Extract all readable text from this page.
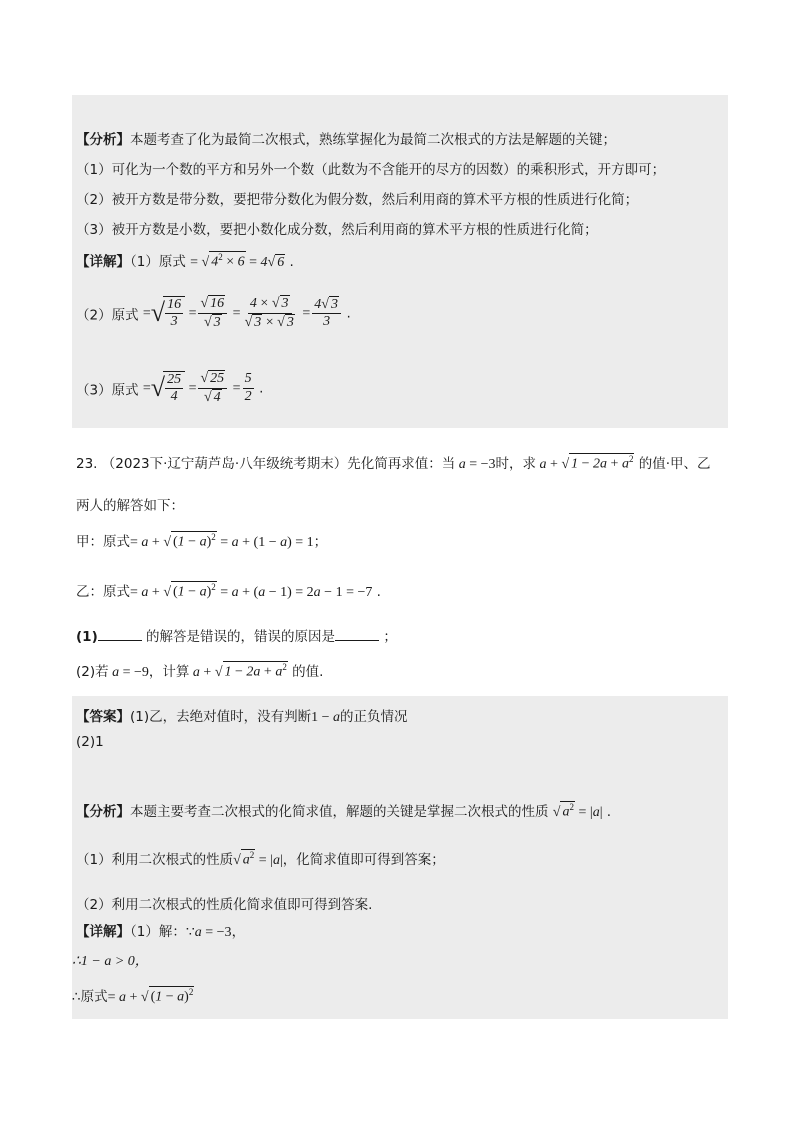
【分析】本题考查了化为最简二次根式，熟练掌握化为最简二次根式的方法是解题的关键；
（1）可化为一个数的平方和另外一个数（此数为不含能开的尽方的因数）的乘积形式，开方即可；
（2）被开方数是带分数，要把带分数化为假分数，然后利用商的算术平方根的性质进行化简；
（3）被开方数是小数，要把小数化成分数，然后利用商的算术平方根的性质进行化简；
【详解】（1）原式 = √ $4^2 \times 6 = 4√$ 6 .
（2）原式 =√ $\frac{16}{3} = \frac{√ 16}{√ 3} = \frac{4 \times √ 3}{√ 3 \times √ 3} = \frac{4√ 3}{3}$ .
（3）原式 =√ $\frac{25}{4} = \frac{√ 25}{√ 4} = \frac{5}{2}$ .
23. （2023下·辽宁葫芦岛·八年级统考期末）先化简再求值：当 a = −3时，求 a + √ $1 - 2a + a^2$ 的值·甲、乙
两人的解答如下：
甲：原式= a + √ $(1 - a)^2 = a + (1 - a) = 1$；
乙：原式= a + √ $(1 - a)^2 = a + (a - 1) = 2a - 1 = -7$ .
(1)	的解答是错误的，错误的原因是	；
(2)若 a = −9，计算 a + √ $1 - 2a + a^2$ 的值.
【答案】(1)乙，去绝对值时，没有判断1 − a的正负情况
(2)1
【分析】本题主要考查二次根式的化简求值，解题的关键是掌握二次根式的性质 √ $a^2 = |a|$ .
（1）利用二次根式的性质√ $a^2 = |a|$，化简求值即可得到答案；
（2）利用二次根式的性质化简求值即可得到答案.
【详解】（1）解：∵a = −3，
∴1 − a > 0，
∴原式= a + √ $(1 - a)^2$
